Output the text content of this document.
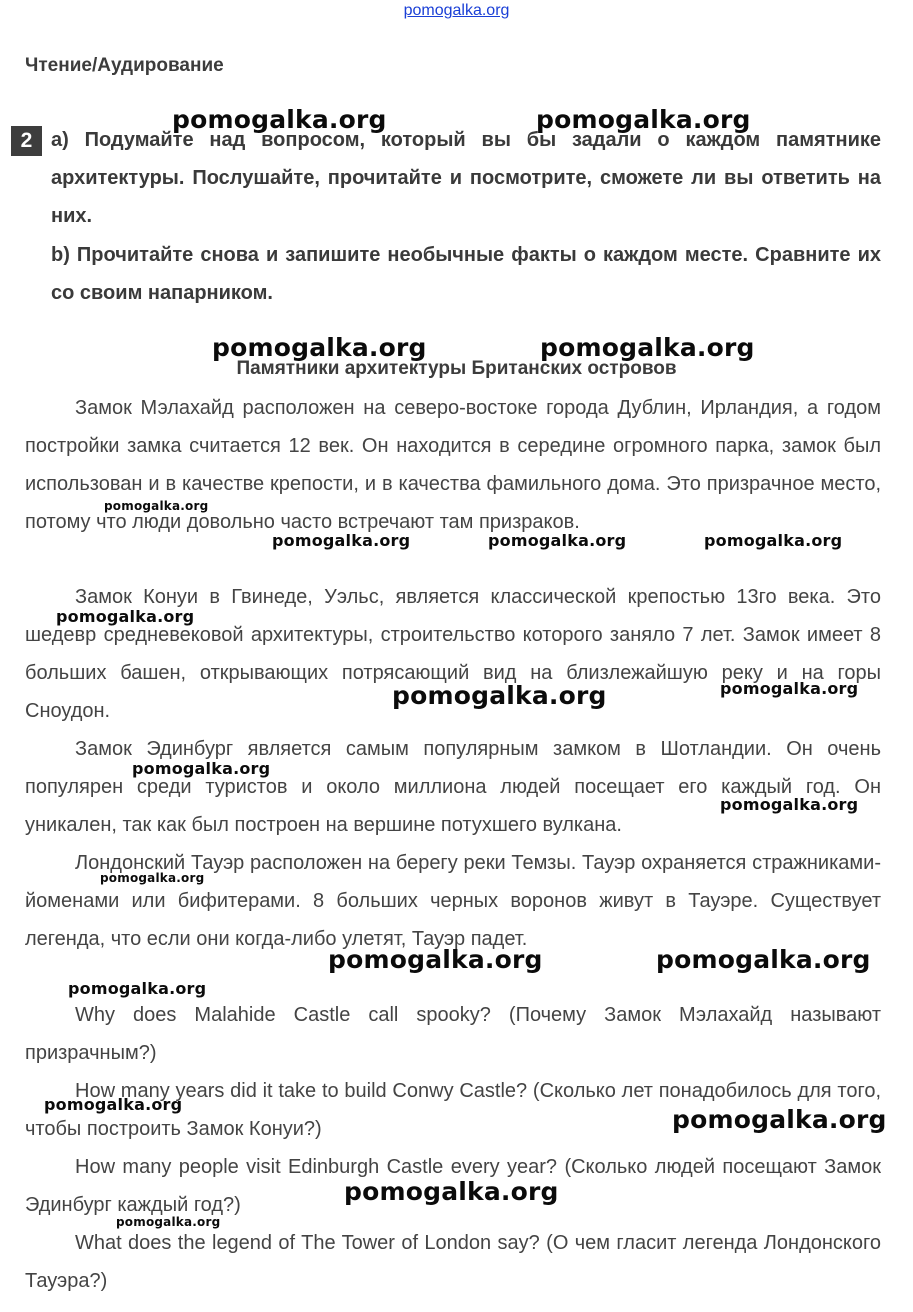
pomogalka.org
Чтение/Аудирование
2 a) Подумайте над вопросом, который вы бы задали о каждом памятнике архитектуры. Послушайте, прочитайте и посмотрите, сможете ли вы ответить на них.
b) Прочитайте снова и запишите необычные факты о каждом месте. Сравните их со своим напарником.
Памятники архитектуры Британских островов
Замок Мэлахайд расположен на северо-востоке города Дублин, Ирландия, а годом постройки замка считается 12 век. Он находится в середине огромного парка, замок был использован и в качестве крепости, и в качества фамильного дома. Это призрачное место, потому что люди довольно часто встречают там призраков.
Замок Конуи в Гвинеде, Уэльс, является классической крепостью 13го века. Это шедевр средневековой архитектуры, строительство которого заняло 7 лет. Замок имеет 8 больших башен, открывающих потрясающий вид на близлежайшую реку и на горы Сноудон.
Замок Эдинбург является самым популярным замком в Шотландии. Он очень популярен среди туристов и около миллиона людей посещает его каждый год. Он уникален, так как был построен на вершине потухшего вулкана.
Лондонский Тауэр расположен на берегу реки Темзы. Тауэр охраняется стражниками-йоменами или бифитерами. 8 больших черных воронов живут в Тауэре. Существует легенда, что если они когда-либо улетят, Тауэр падет.
Why does Malahide Castle call spooky? (Почему Замок Мэлахайд называют призрачным?)
How many years did it take to build Conwy Castle? (Сколько лет понадобилось для того, чтобы построить Замок Конуи?)
How many people visit Edinburgh Castle every year? (Сколько людей посещают Замок Эдинбург каждый год?)
What does the legend of The Tower of London say? (О чем гласит легенда Лондонского Тауэра?)
pomogalka.org	pomogalka.org
pomogalka.org	pomogalka.org
pomogalka.org
pomogalka.org	pomogalka.org	pomogalka.org
pomogalka.org
pomogalka.org	pomogalka.org
pomogalka.org
pomogalka.org
pomogalka.org
pomogalka.org	pomogalka.org
pomogalka.org
pomogalka.org
pomogalka.org
pomogalka.org
pomogalka.org
